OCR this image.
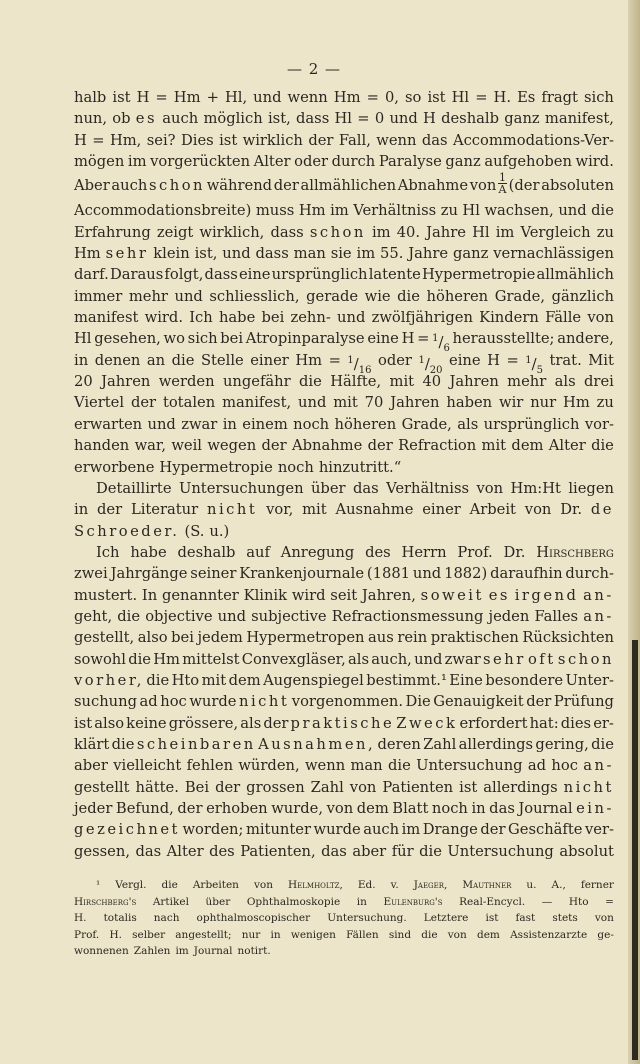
— 2 —
halb ist H = Hm + Hl, und wenn Hm = 0, so ist Hl = H. Es fragt sich
nun, ob es auch möglich ist, dass Hl = 0 und H deshalb ganz manifest,
H = Hm, sei? Dies ist wirklich der Fall, wenn das Accommodations-Ver-
mögen im vorgerückten Alter oder durch Paralyse ganz aufgehoben wird.
Aber auch schon während der allmählichen Abnahme von $\frac{1}{A} (der$ absoluten
Accommodationsbreite) muss Hm im Verhältniss zu Hl wachsen, und die
Erfahrung zeigt wirklich, dass schon im 40. Jahre Hl im Vergleich zu
Hm sehr klein ist, und dass man sie im 55. Jahre ganz vernachlässigen
darf. Daraus folgt, dass eine ursprünglich latente Hypermetropie allmählich
immer mehr und schliesslich, gerade wie die höheren Grade, gänzlich
manifest wird. Ich habe bei zehn- und zwölfjährigen Kindern Fälle von
Hl gesehen, wo sich bei Atropinparalyse eine $H = ^1/_6$
herausstellte; andere,
in denen an die Stelle einer $Hm = ^1/_{16}$
oder $^1/_{20}$
eine $H = ^1/_5$
trat. Mit
20 Jahren werden ungefähr die Hälfte, mit 40 Jahren mehr als drei
Viertel der totalen manifest, und mit 70 Jahren haben wir nur Hm zu
erwarten und zwar in einem noch höheren Grade, als ursprünglich vor-
handen war, weil wegen der Abnahme der Refraction mit dem Alter die
erworbene Hypermetropie noch hinzutritt.“
Detaillirte Untersuchungen über das Verhältniss von Hm:Ht liegen
in der Literatur nicht vor, mit Ausnahme einer Arbeit von Dr. de
Schroeder. (S. u.)
Ich habe deshalb auf Anregung des Herrn Prof. Dr. Hirschberg
zwei Jahrgänge seiner Krankenjournale (1881 und 1882) daraufhin durch-
mustert. In genannter Klinik wird seit Jahren, soweit es irgend an-
geht, die objective und subjective Refractionsmessung jeden Falles an-
gestellt, also bei jedem Hypermetropen aus rein praktischen Rücksichten
sowohl die Hm mittelst Convexgläser, als auch, und zwar sehr oft schon
vorher, die Hto mit dem Augenspiegel bestimmt.¹ Eine besondere Unter-
suchung ad hoc wurde nicht vorgenommen. Die Genauigkeit der Prüfung
ist also keine grössere, als der praktische Zweck erfordert hat: dies er-
klärt die scheinbaren Ausnahmen, deren Zahl allerdings gering, die
aber vielleicht fehlen würden, wenn man die Untersuchung ad hoc an-
gestellt hätte. Bei der grossen Zahl von Patienten ist allerdings nicht
jeder Befund, der erhoben wurde, von dem Blatt noch in das Journal ein-
gezeichnet worden; mitunter wurde auch im Drange der Geschäfte ver-
gessen, das Alter des Patienten, das aber für die Untersuchung absolut
¹ Vergl. die Arbeiten von Helmholtz, Ed. v. Jaeger, Mauthner u. A., ferner
Hirschberg's Artikel über Ophthalmoskopie in Eulenburg's Real-Encycl. — Hto =
H. totalis nach ophthalmoscopischer Untersuchung. Letztere ist fast stets von
Prof. H. selber angestellt; nur in wenigen Fällen sind die von dem Assistenzarzte ge-
wonnenen Zahlen im Journal notirt.
